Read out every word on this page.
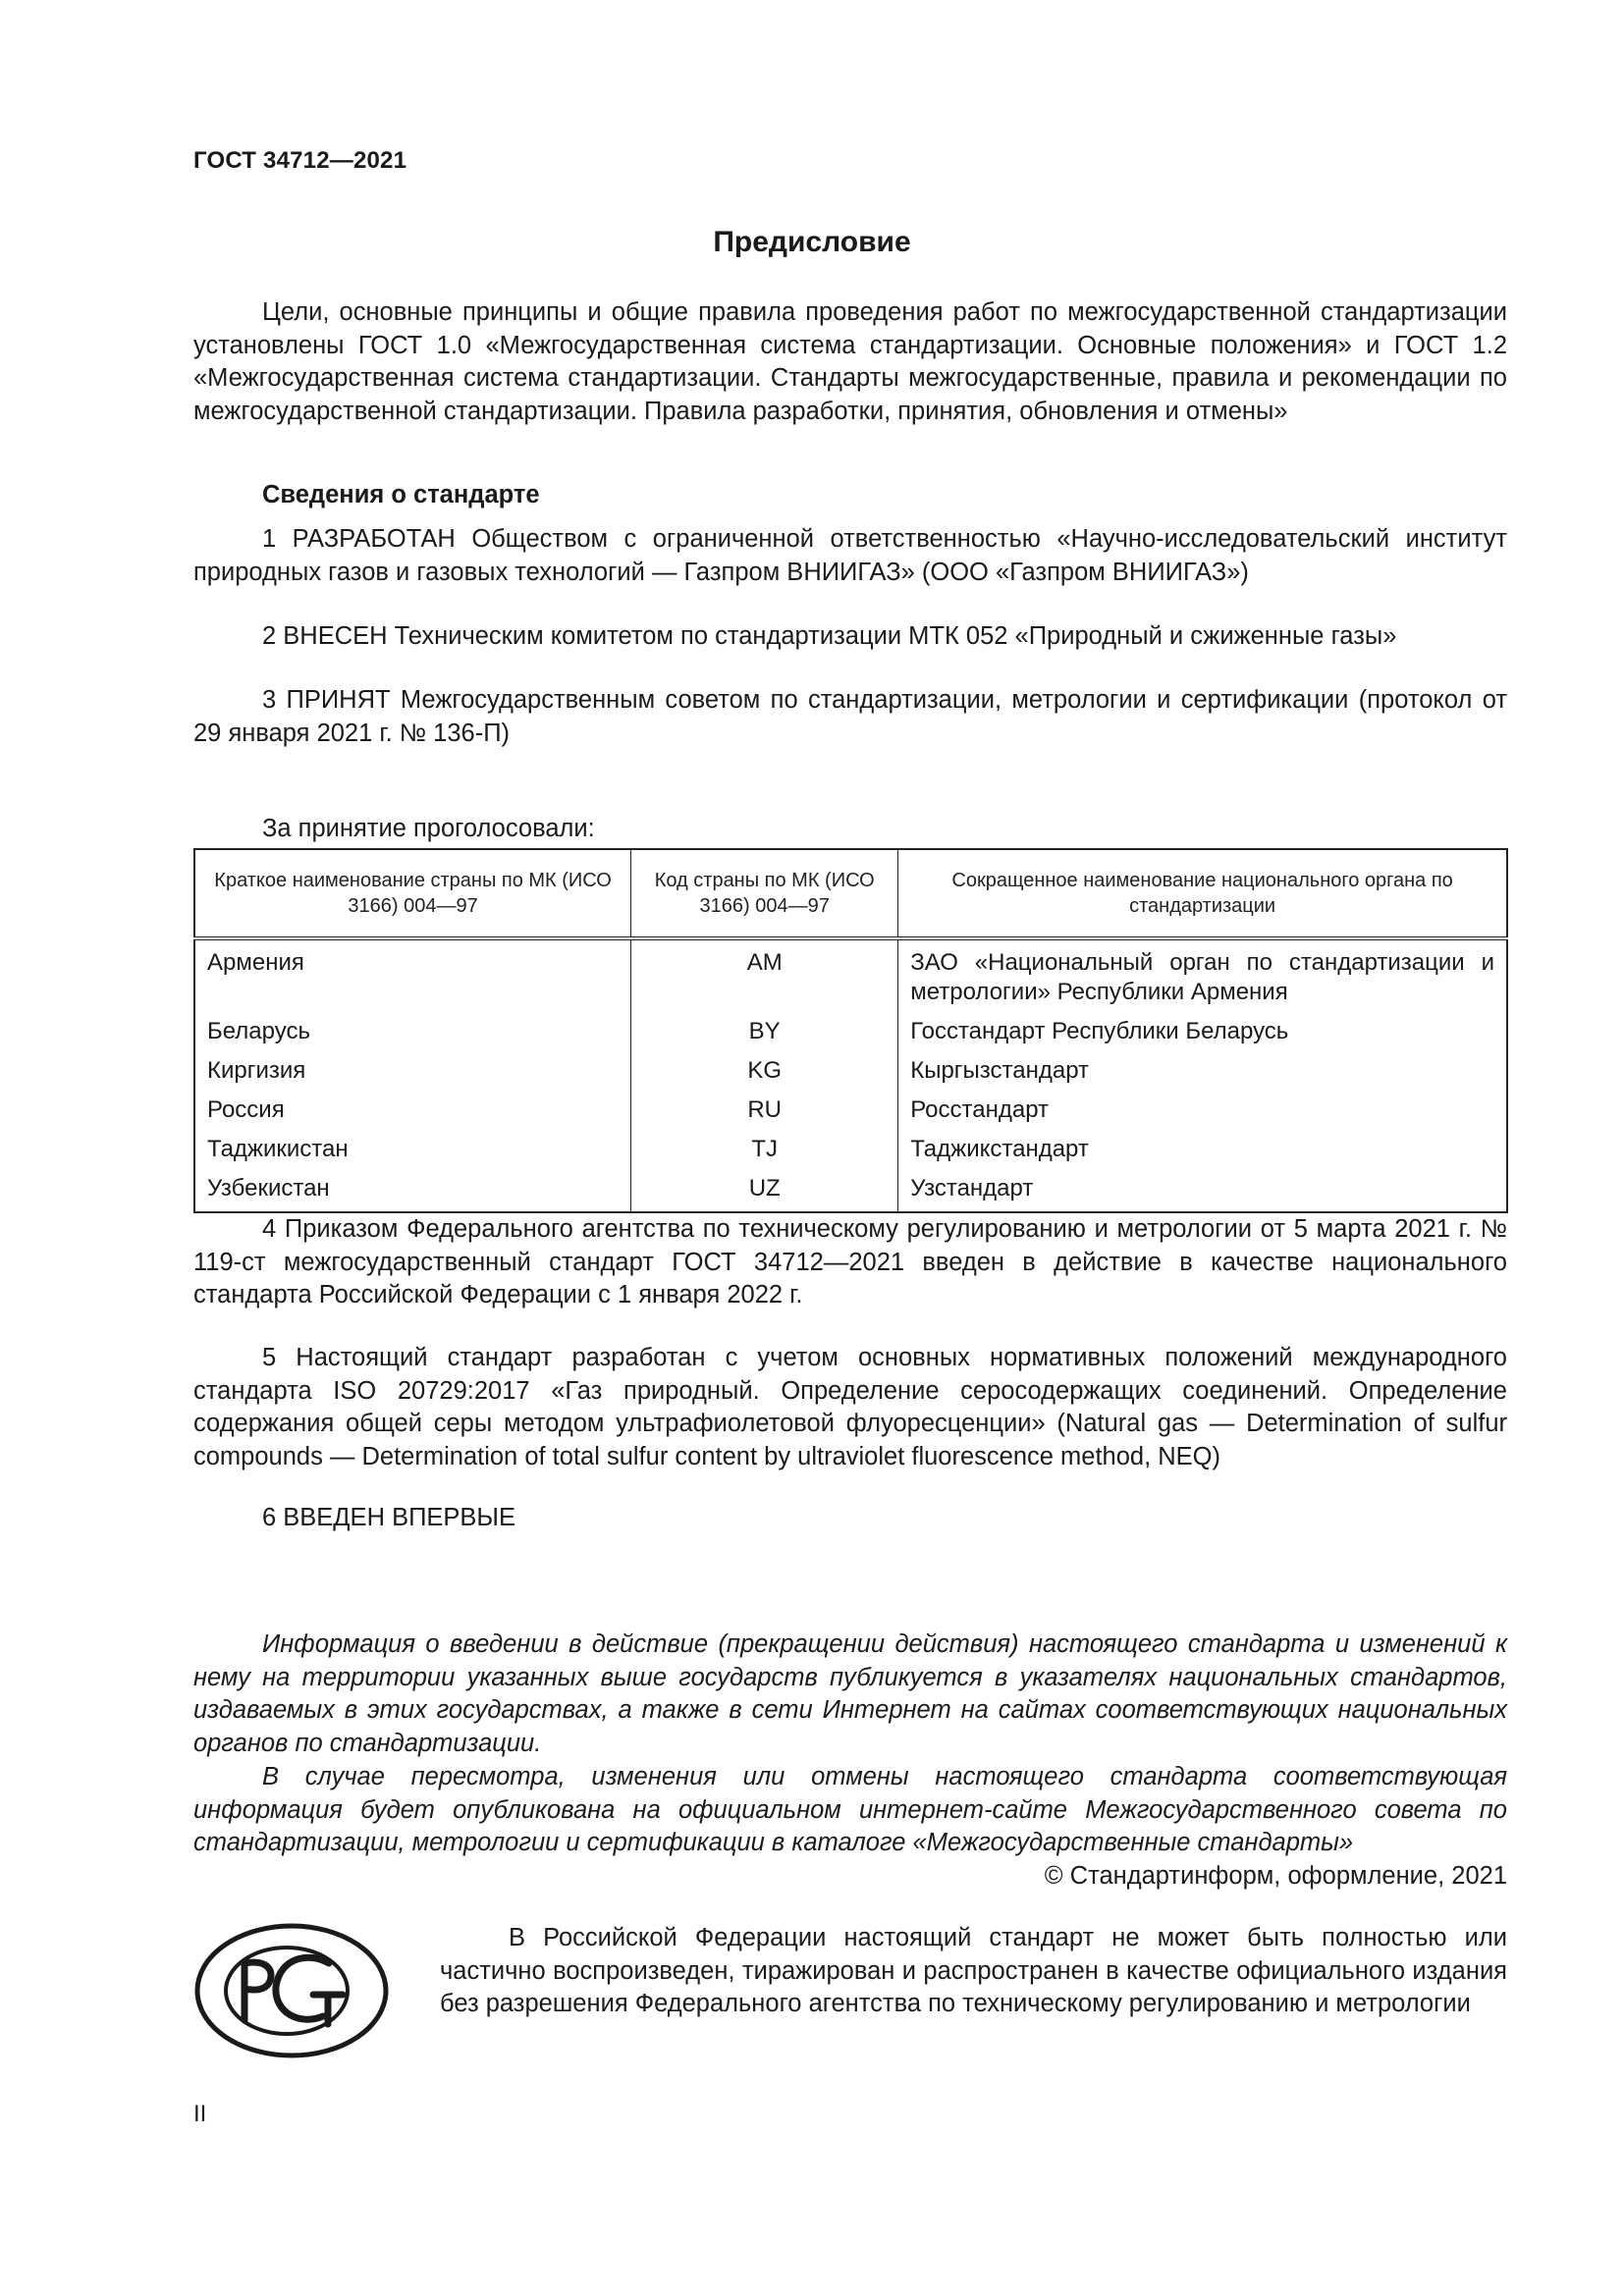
ГОСТ 34712—2021
Предисловие
Цели, основные принципы и общие правила проведения работ по межгосударственной стандартизации установлены ГОСТ 1.0 «Межгосударственная система стандартизации. Основные положения» и ГОСТ 1.2 «Межгосударственная система стандартизации. Стандарты межгосударственные, правила и рекомендации по межгосударственной стандартизации. Правила разработки, принятия, обновления и отмены»
Сведения о стандарте
1 РАЗРАБОТАН Обществом с ограниченной ответственностью «Научно-исследовательский институт природных газов и газовых технологий — Газпром ВНИИГАЗ» (ООО «Газпром ВНИИГАЗ»)
2 ВНЕСЕН Техническим комитетом по стандартизации МТК 052 «Природный и сжиженные газы»
3 ПРИНЯТ Межгосударственным советом по стандартизации, метрологии и сертификации (протокол от 29 января 2021 г. № 136-П)
За принятие проголосовали:
Краткое наименование страны по МК (ИСО 3166) 004—97	Код страны по МК (ИСО 3166) 004—97	Сокращенное наименование национального органа по стандартизации
Армения	AM	ЗАО «Национальный орган по стандартизации и метрологии» Республики Армения
Беларусь	BY	Госстандарт Республики Беларусь
Киргизия	KG	Кыргызстандарт
Россия	RU	Росстандарт
Таджикистан	TJ	Таджикстандарт
Узбекистан	UZ	Узстандарт
4 Приказом Федерального агентства по техническому регулированию и метрологии от 5 марта 2021 г. № 119-ст межгосударственный стандарт ГОСТ 34712—2021 введен в действие в качестве национального стандарта Российской Федерации с 1 января 2022 г.
5 Настоящий стандарт разработан с учетом основных нормативных положений международного стандарта ISO 20729:2017 «Газ природный. Определение серосодержащих соединений. Определение содержания общей серы методом ультрафиолетовой флуоресценции» (Natural gas — Determination of sulfur compounds — Determination of total sulfur content by ultraviolet fluorescence method, NEQ)
6 ВВЕДЕН ВПЕРВЫЕ
Информация о введении в действие (прекращении действия) настоящего стандарта и изменений к нему на территории указанных выше государств публикуется в указателях национальных стандартов, издаваемых в этих государствах, а также в сети Интернет на сайтах соответствующих национальных органов по стандартизации.
В случае пересмотра, изменения или отмены настоящего стандарта соответствующая информация будет опубликована на официальном интернет-сайте Межгосударственного совета по стандартизации, метрологии и сертификации в каталоге «Межгосударственные стандарты»
© Стандартинформ, оформление, 2021
В Российской Федерации настоящий стандарт не может быть полностью или частично воспроизведен, тиражирован и распространен в качестве официального издания без разрешения Федерального агентства по техническому регулированию и метрологии
II
